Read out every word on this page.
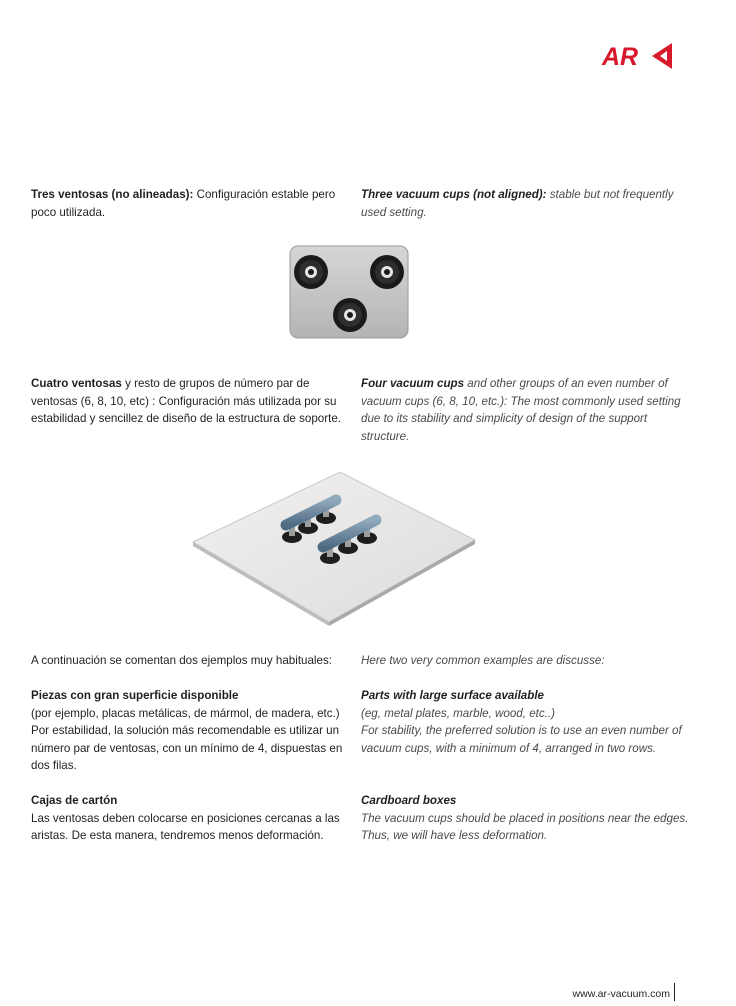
AR

Tres ventosas (no alineadas): Configuración estable pero poco utilizada.

Three vacuum cups (not aligned): stable but not frequently used setting.

Cuatro ventosas y resto de grupos de número par de ventosas (6, 8, 10, etc) : Configuración más utilizada por su estabilidad y sencillez de diseño de la estructura de soporte.

Four vacuum cups and other groups of an even number of vacuum cups (6, 8, 10, etc.): The most commonly used setting due to its stability and simplicity of design of the support structure.

A continuación se comentan dos ejemplos muy habituales:	Here two very common examples are discusse:

Piezas con gran superficie disponible

(por ejemplo, placas metálicas, de mármol, de madera, etc.)

Por estabilidad, la solución más recomendable es utilizar un número par de ventosas, con un mínimo de 4, dispuestas en dos filas.

Parts with large surface available

(eg, metal plates, marble, wood, etc..)

For stability, the preferred solution is to use an even number of vacuum cups, with a minimum of 4, arranged in two rows.

Cajas de cartón

Las ventosas deben colocarse en posiciones cercanas a las aristas. De esta manera, tendremos menos deformación.

Cardboard boxes

The vacuum cups should be placed in positions near the edges. Thus, we will have less deformation.

www.ar-vacuum.com
